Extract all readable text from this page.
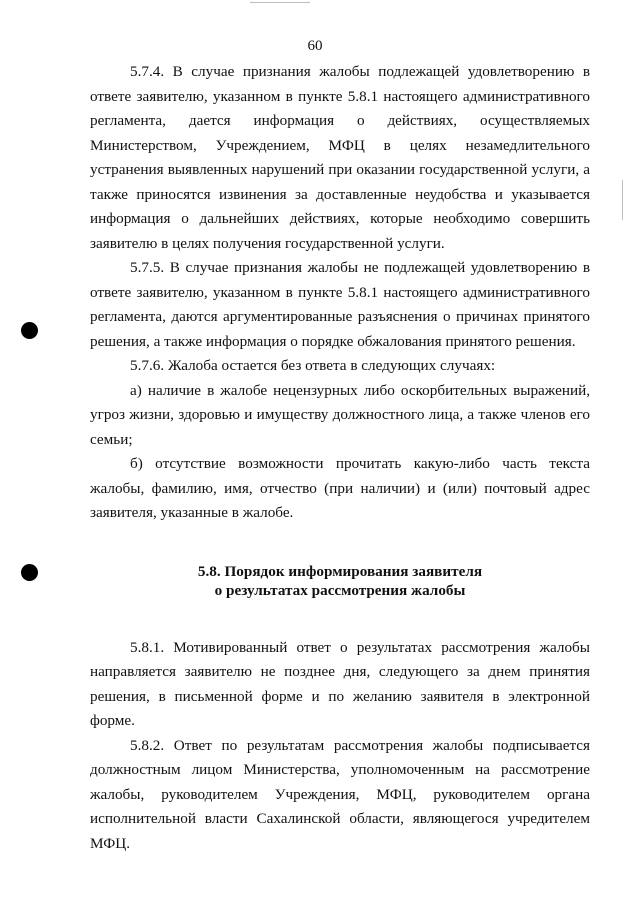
60

5.7.4. В случае признания жалобы подлежащей удовлетворению в ответе заявителю, указанном в пункте 5.8.1 настоящего административного регламента, дается информация о действиях, осуществляемых Министерством, Учреждением, МФЦ в целях незамедлительного устранения выявленных нарушений при оказании государственной услуги, а также приносятся извинения за доставленные неудобства и указывается информация о дальнейших действиях, которые необходимо совершить заявителю в целях получения государственной услуги.

5.7.5. В случае признания жалобы не подлежащей удовлетворению в ответе заявителю, указанном в пункте 5.8.1 настоящего административного регламента, даются аргументированные разъяснения о причинах принятого решения, а также информация о порядке обжалования принятого решения.

5.7.6. Жалоба остается без ответа в следующих случаях:

а) наличие в жалобе нецензурных либо оскорбительных выражений, угроз жизни, здоровью и имуществу должностного лица, а также членов его семьи;

б) отсутствие возможности прочитать какую-либо часть текста жалобы, фамилию, имя, отчество (при наличии) и (или) почтовый адрес заявителя, указанные в жалобе.

5.8. Порядок информирования заявителя
о результатах рассмотрения жалобы

5.8.1. Мотивированный ответ о результатах рассмотрения жалобы направляется заявителю не позднее дня, следующего за днем принятия решения, в письменной форме и по желанию заявителя в электронной форме.

5.8.2. Ответ по результатам рассмотрения жалобы подписывается должностным лицом Министерства, уполномоченным на рассмотрение жалобы, руководителем Учреждения, МФЦ, руководителем органа исполнительной власти Сахалинской области, являющегося учредителем МФЦ.
